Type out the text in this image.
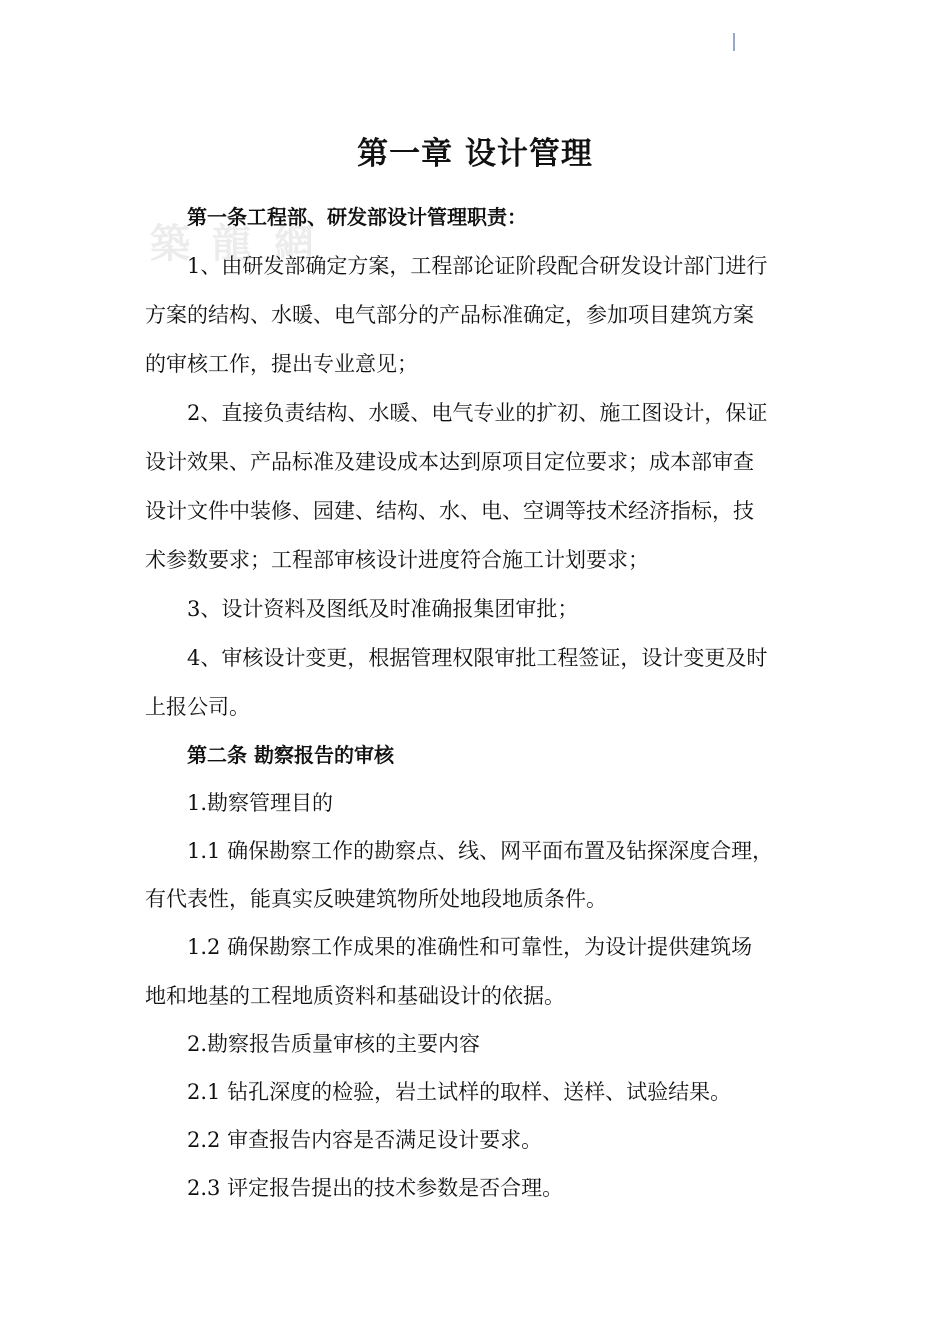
築 龍 網
第一章 设计管理
第一条工程部、研发部设计管理职责：
1、由研发部确定方案，工程部论证阶段配合研发设计部门进行
方案的结构、水暖、电气部分的产品标准确定，参加项目建筑方案
的审核工作，提出专业意见；
2、直接负责结构、水暖、电气专业的扩初、施工图设计，保证
设计效果、产品标准及建设成本达到原项目定位要求；成本部审查
设计文件中装修、园建、结构、水、电、空调等技术经济指标，技
术参数要求；工程部审核设计进度符合施工计划要求；
3、设计资料及图纸及时准确报集团审批；
4、审核设计变更，根据管理权限审批工程签证，设计变更及时
上报公司。
第二条 勘察报告的审核
1.勘察管理目的
1.1 确保勘察工作的勘察点、线、网平面布置及钻探深度合理，
有代表性，能真实反映建筑物所处地段地质条件。
1.2 确保勘察工作成果的准确性和可靠性，为设计提供建筑场
地和地基的工程地质资料和基础设计的依据。
2.勘察报告质量审核的主要内容
2.1 钻孔深度的检验，岩土试样的取样、送样、试验结果。
2.2 审查报告内容是否满足设计要求。
2.3 评定报告提出的技术参数是否合理。
